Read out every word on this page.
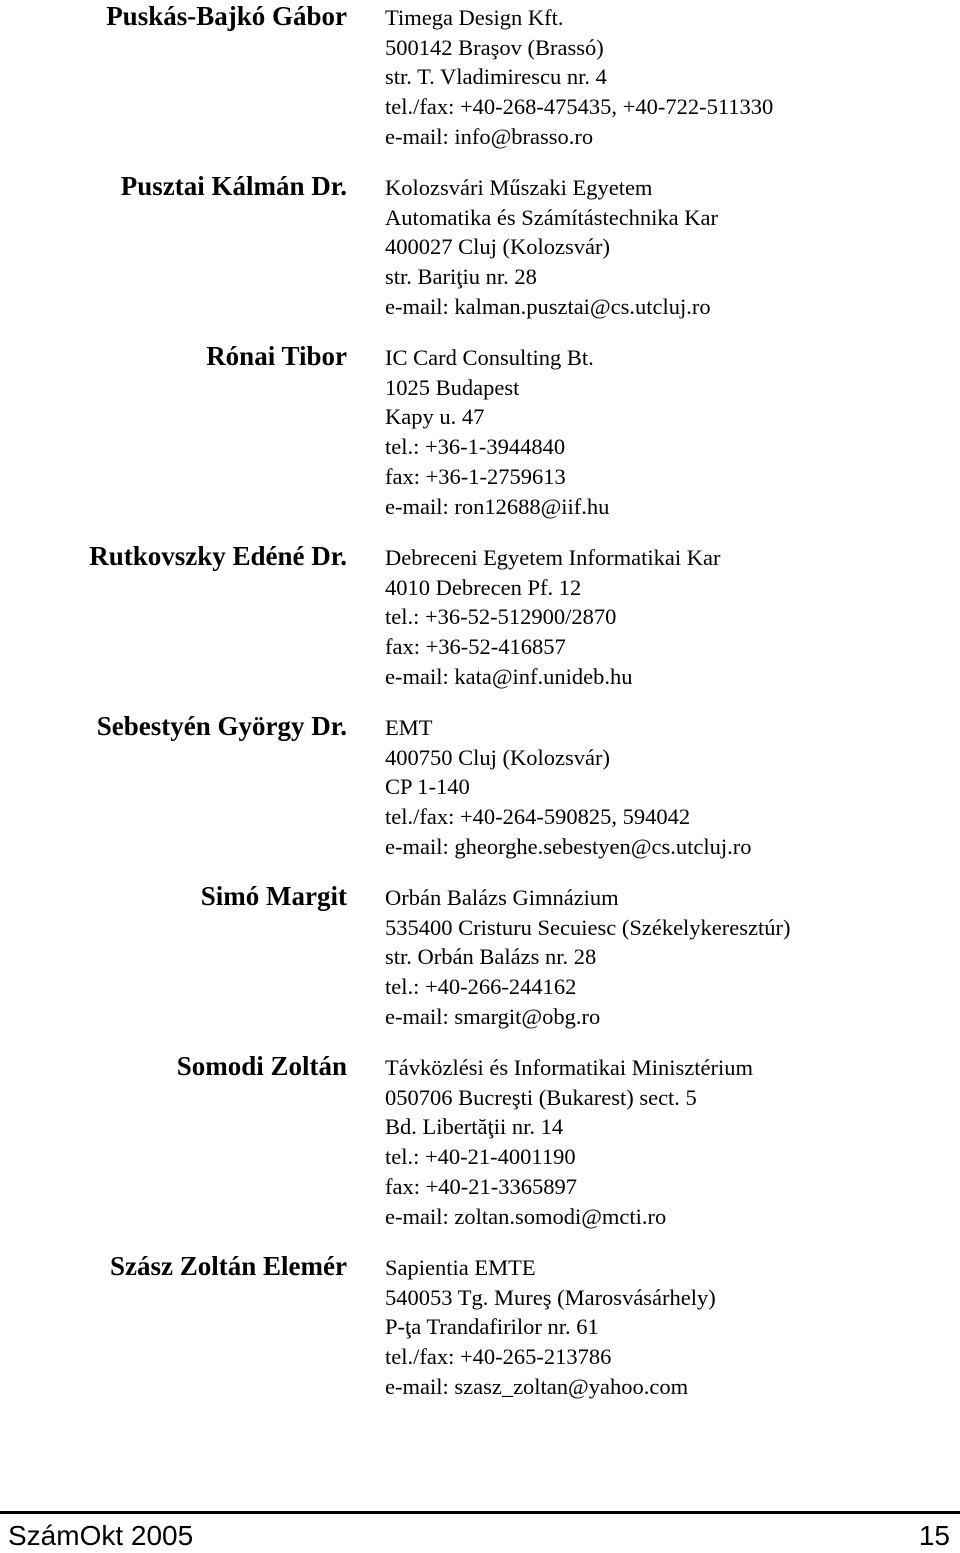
Puskás-Bajkó Gábor Timega Design Kft.
500142 Braşov (Brassó)
str. T. Vladimirescu nr. 4
tel./fax: +40-268-475435, +40-722-511330
e-mail: info@brasso.ro
Pusztai Kálmán Dr. Kolozsvári Műszaki Egyetem
Automatika és Számítástechnika Kar
400027 Cluj (Kolozsvár)
str. Bariţiu nr. 28
e-mail: kalman.pusztai@cs.utcluj.ro
Rónai Tibor IC Card Consulting Bt.
1025 Budapest
Kapy u. 47
tel.: +36-1-3944840
fax: +36-1-2759613
e-mail: ron12688@iif.hu
Rutkovszky Edéné Dr. Debreceni Egyetem Informatikai Kar
4010 Debrecen Pf. 12
tel.: +36-52-512900/2870
fax: +36-52-416857
e-mail: kata@inf.unideb.hu
Sebestyén György Dr. EMT
400750 Cluj (Kolozsvár)
CP 1-140
tel./fax: +40-264-590825, 594042
e-mail: gheorghe.sebestyen@cs.utcluj.ro
Simó Margit Orbán Balázs Gimnázium
535400 Cristuru Secuiesc (Székelykeresztúr)
str. Orbán Balázs nr. 28
tel.: +40-266-244162
e-mail: smargit@obg.ro
Somodi Zoltán Távközlési és Informatikai Minisztérium
050706 Bucreşti (Bukarest) sect. 5
Bd. Libertăţii nr. 14
tel.: +40-21-4001190
fax: +40-21-3365897
e-mail: zoltan.somodi@mcti.ro
Szász Zoltán Elemér Sapientia EMTE
540053 Tg. Mureş (Marosvásárhely)
P-ţa Trandafirilor nr. 61
tel./fax: +40-265-213786
e-mail: szasz_zoltan@yahoo.com
SzámOkt 2005	15
